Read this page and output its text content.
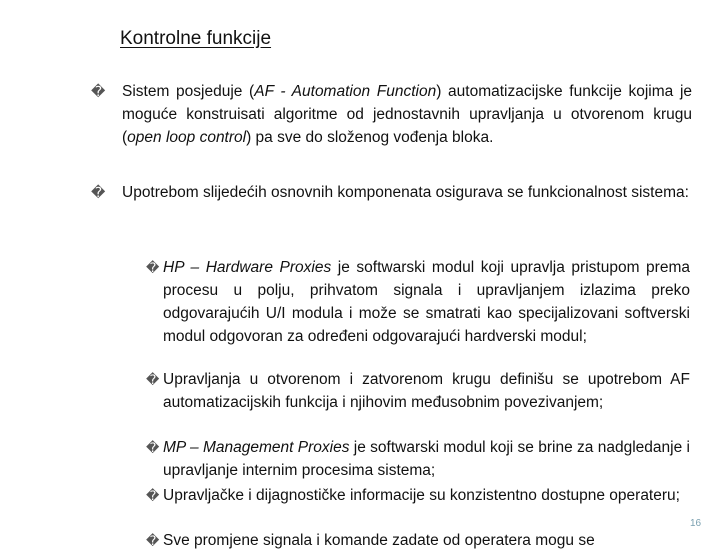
Kontrolne funkcije
� Sistem posjeduje (AF - Automation Function) automatizacijske funkcije kojima je moguće konstruisati algoritme od jednostavnih upravljanja u otvorenom krugu (open loop control) pa sve do složenog vođenja bloka.
� Upotrebom slijedećih osnovnih komponenata osigurava se funkcionalnost sistema:
� HP – Hardware Proxies je softwarski modul koji upravlja pristupom prema procesu u polju, prihvatom signala i upravljanjem izlazima preko odgovarajućih U/I modula i može se smatrati kao specijalizovani softverski modul odgovoran za određeni odgovarajući hardverski modul;
� Upravljanja u otvorenom i zatvorenom krugu definišu se upotrebom AF automatizacijskih funkcija i njihovim međusobnim povezivanjem;
� MP – Management Proxies je softwarski modul koji se brine za nadgledanje i upravljanje internim procesima sistema;
� Upravljačke i dijagnostičke informacije su konzistentno dostupne operateru;
� Sve promjene signala i komande zadate od operatera mogu se
16
